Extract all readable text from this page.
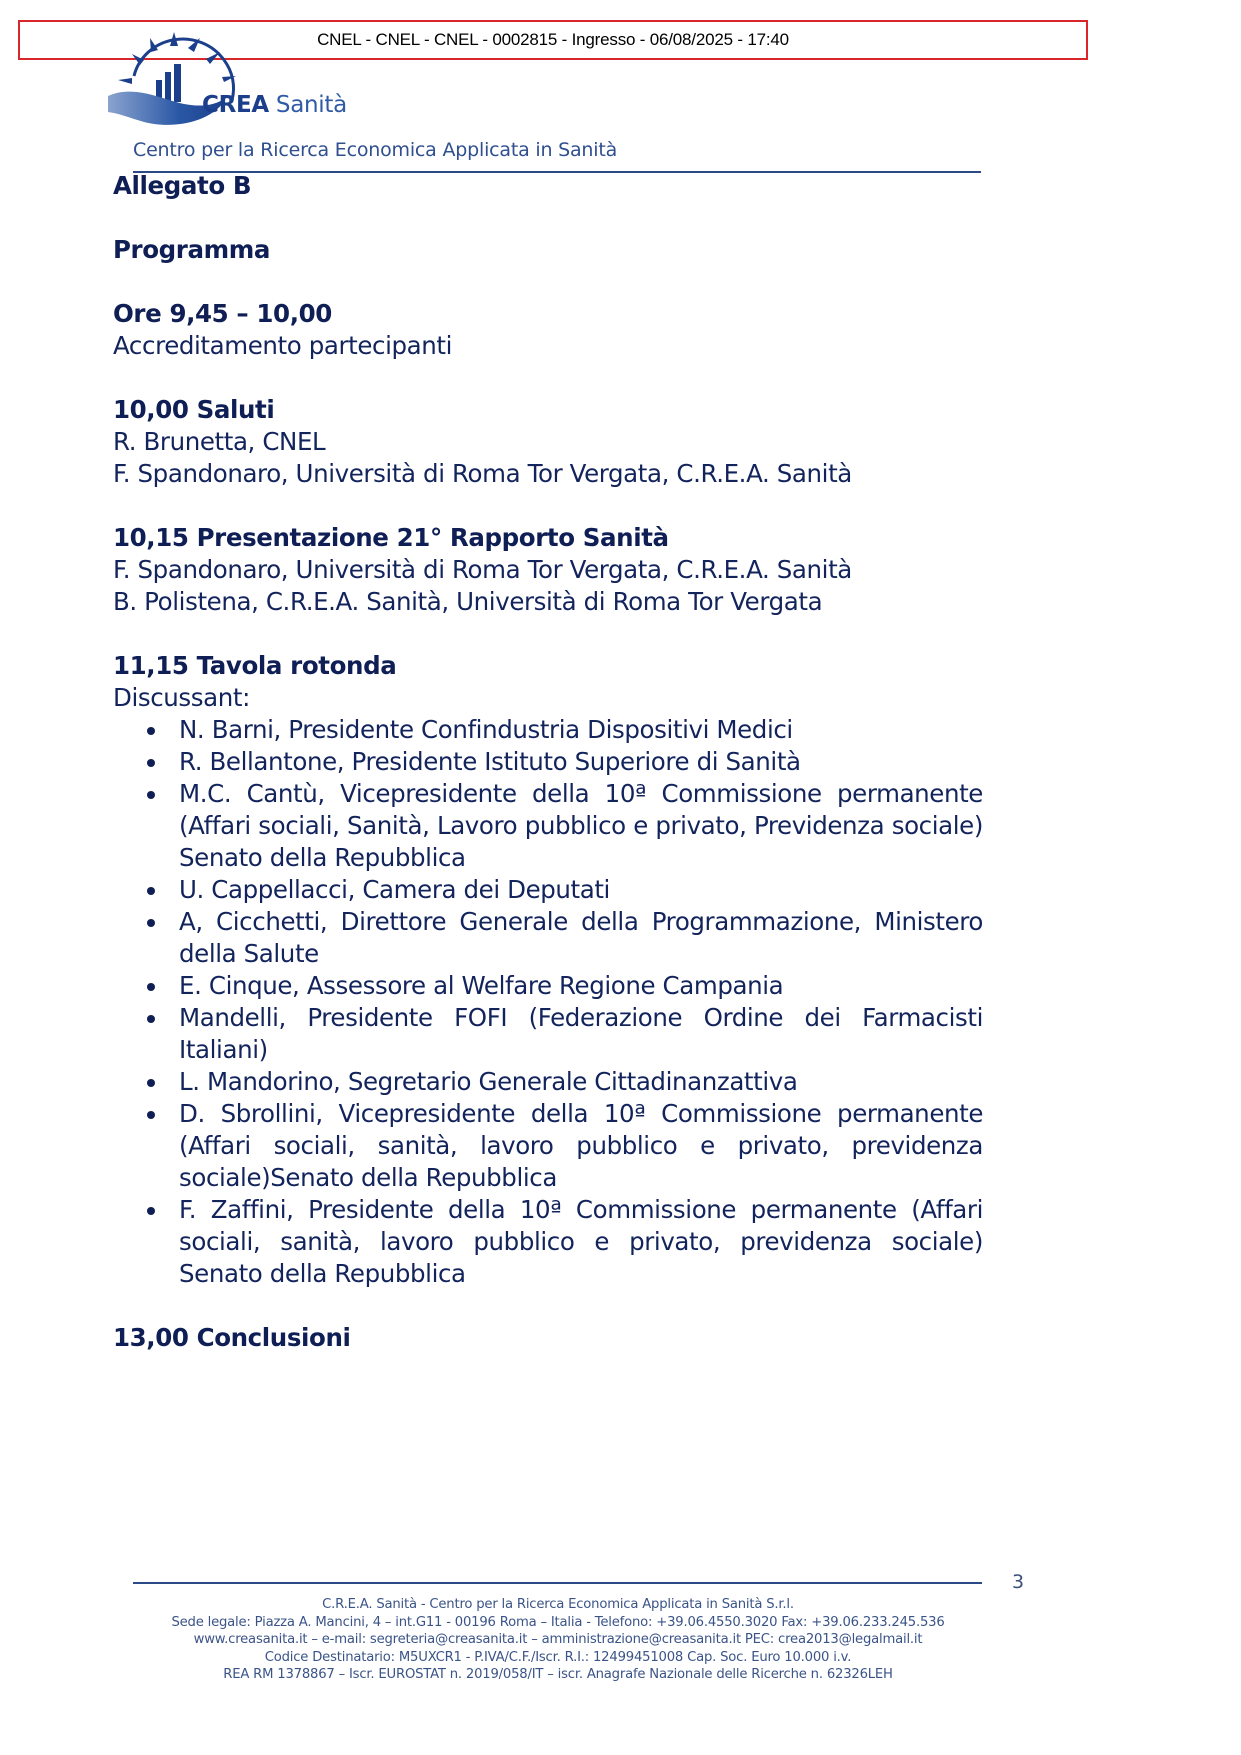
CNEL - CNEL - CNEL - 0002815 - Ingresso - 06/08/2025 - 17:40
CREA Sanità
Centro per la Ricerca Economica Applicata in Sanità

Allegato B

Programma

Ore 9,45 – 10,00

Accreditamento partecipanti

10,00 Saluti

R. Brunetta, CNEL

F. Spandonaro, Università di Roma Tor Vergata, C.R.E.A. Sanità

10,15 Presentazione 21° Rapporto Sanità

F. Spandonaro, Università di Roma Tor Vergata, C.R.E.A. Sanità

B. Polistena, C.R.E.A. Sanità, Università di Roma Tor Vergata

11,15 Tavola rotonda

Discussant:

N. Barni, Presidente Confindustria Dispositivi Medici
R. Bellantone, Presidente Istituto Superiore di Sanità
M.C. Cantù, Vicepresidente della 10ª Commissione permanente (Affari sociali, Sanità, Lavoro pubblico e privato, Previdenza sociale) Senato della Repubblica
U. Cappellacci, Camera dei Deputati
A, Cicchetti, Direttore Generale della Programmazione, Ministero della Salute
E. Cinque, Assessore al Welfare Regione Campania
Mandelli, Presidente FOFI (Federazione Ordine dei Farmacisti Italiani)
L. Mandorino, Segretario Generale Cittadinanzattiva
D. Sbrollini, Vicepresidente della 10ª Commissione permanente (Affari sociali, sanità, lavoro pubblico e privato, previdenza sociale)Senato della Repubblica
F. Zaffini, Presidente della 10ª Commissione permanente (Affari sociali, sanità, lavoro pubblico e privato, previdenza sociale) Senato della Repubblica

13,00 Conclusioni

3
C.R.E.A. Sanità - Centro per la Ricerca Economica Applicata in Sanità S.r.l.
Sede legale: Piazza A. Mancini, 4 – int.G11 - 00196 Roma – Italia - Telefono: +39.06.4550.3020 Fax: +39.06.233.245.536
www.creasanita.it – e-mail: segreteria@creasanita.it – amministrazione@creasanita.it PEC: crea2013@legalmail.it
Codice Destinatario: M5UXCR1 - P.IVA/C.F./Iscr. R.I.: 12499451008 Cap. Soc. Euro 10.000 i.v.
REA RM 1378867 – Iscr. EUROSTAT n. 2019/058/IT – iscr. Anagrafe Nazionale delle Ricerche n. 62326LEH
